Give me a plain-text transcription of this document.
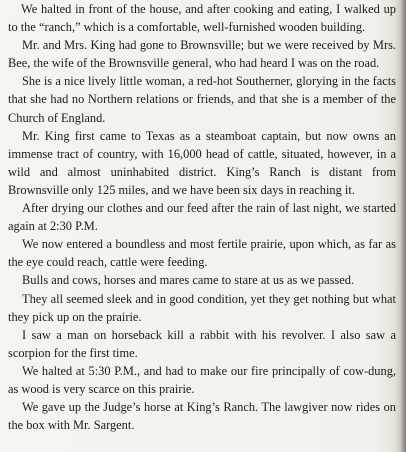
We halted in front of the house, and after cooking and eating, I walked up to the “ranch,” which is a comfortable, well-furnished wooden building.

Mr. and Mrs. King had gone to Brownsville; but we were received by Mrs. Bee, the wife of the Brownsville general, who had heard I was on the road.

She is a nice lively little woman, a red-hot Southerner, glorying in the facts that she had no Northern relations or friends, and that she is a member of the Church of England.

Mr. King first came to Texas as a steamboat captain, but now owns an immense tract of country, with 16,000 head of cattle, situated, however, in a wild and almost uninhabited district. King’s Ranch is distant from Brownsville only 125 miles, and we have been six days in reaching it.

After drying our clothes and our feed after the rain of last night, we started again at 2:30 P.M.

We now entered a boundless and most fertile prairie, upon which, as far as the eye could reach, cattle were feeding.

Bulls and cows, horses and mares came to stare at us as we passed.

They all seemed sleek and in good condition, yet they get nothing but what they pick up on the prairie.

I saw a man on horseback kill a rabbit with his revolver. I also saw a scorpion for the first time.

We halted at 5:30 P.M., and had to make our fire principally of cow-dung, as wood is very scarce on this prairie.

We gave up the Judge’s horse at King’s Ranch. The lawgiver now rides on the box with Mr. Sargent.
